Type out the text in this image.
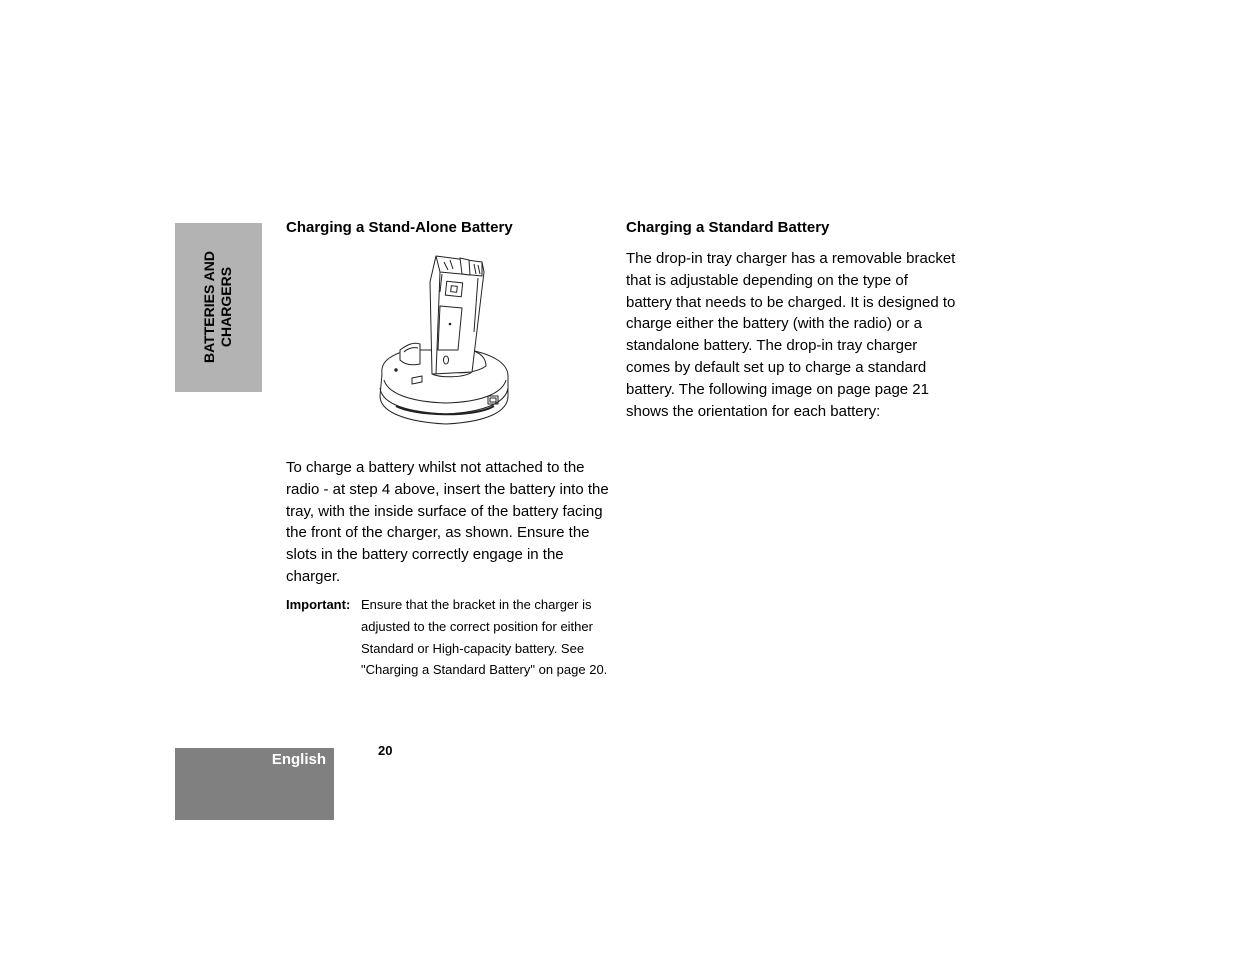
BATTERIES AND
CHARGERS
Charging a Stand-Alone Battery

To charge a battery whilst not attached to the radio - at step 4 above, insert the battery into the tray, with the inside surface of the battery facing the front of the charger, as shown. Ensure the slots in the battery correctly engage in the charger.

Important: Ensure that the bracket in the charger is adjusted to the correct position for either Standard or High-capacity battery. See "Charging a Standard Battery" on page 20.

Charging a Standard Battery

The drop-in tray charger has a removable bracket that is adjustable depending on the type of battery that needs to be charged. It is designed to charge either the battery (with the radio) or a standalone battery. The drop-in tray charger comes by default set up to charge a standard battery. The following image on page page 21 shows the orientation for each battery:

English
20
